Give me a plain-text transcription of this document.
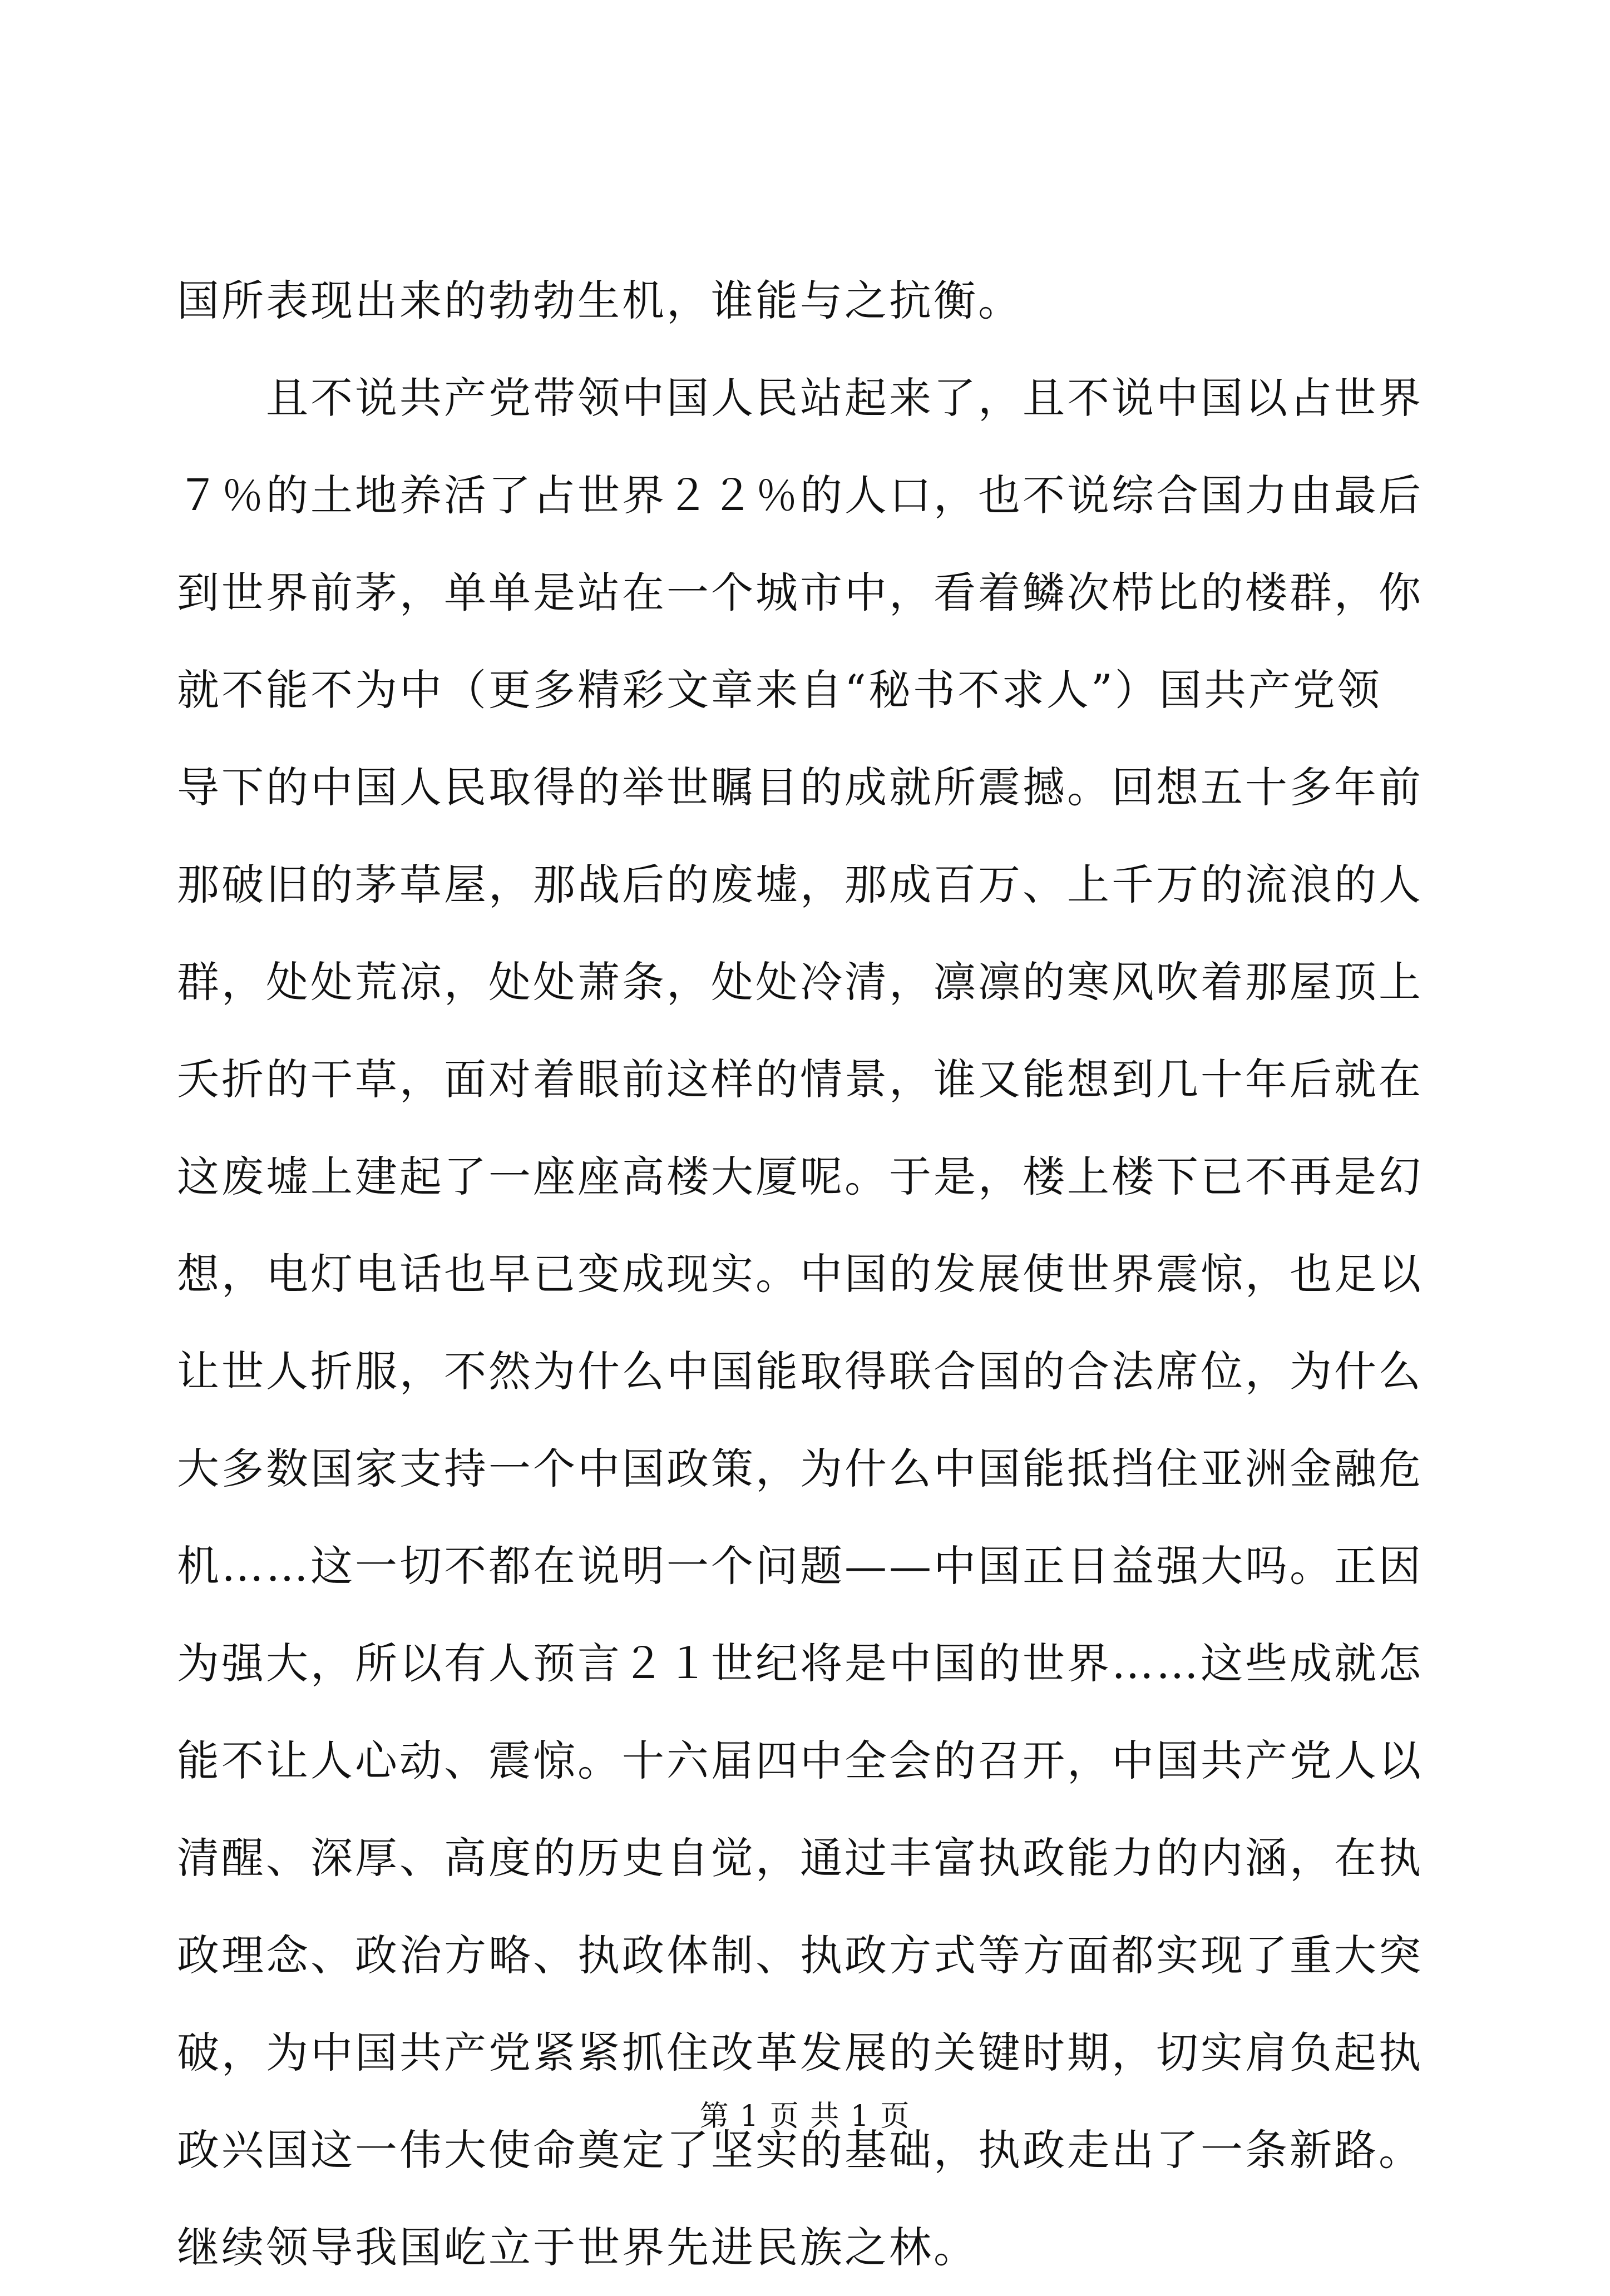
国所表现出来的勃勃生机，谁能与之抗衡。
　　且不说共产党带领中国人民站起来了，且不说中国以占世界
７％的土地养活了占世界２２％的人口，也不说综合国力由最后
到世界前茅，单单是站在一个城市中，看着鳞次栉比的楼群，你
就不能不为中（更多精彩文章来自“秘书不求人”）国共产党领
导下的中国人民取得的举世瞩目的成就所震撼。回想五十多年前
那破旧的茅草屋，那战后的废墟，那成百万、上千万的流浪的人
群，处处荒凉，处处萧条，处处冷清，凛凛的寒风吹着那屋顶上
夭折的干草，面对着眼前这样的情景，谁又能想到几十年后就在
这废墟上建起了一座座高楼大厦呢。于是，楼上楼下已不再是幻
想，电灯电话也早已变成现实。中国的发展使世界震惊，也足以
让世人折服，不然为什么中国能取得联合国的合法席位，为什么
大多数国家支持一个中国政策，为什么中国能抵挡住亚洲金融危
机……这一切不都在说明一个问题——中国正日益强大吗。正因
为强大，所以有人预言２１世纪将是中国的世界……这些成就怎
能不让人心动、震惊。十六届四中全会的召开，中国共产党人以
清醒、深厚、高度的历史自觉，通过丰富执政能力的内涵，在执
政理念、政治方略、执政体制、执政方式等方面都实现了重大突
破，为中国共产党紧紧抓住改革发展的关键时期，切实肩负起执
政兴国这一伟大使命奠定了坚实的基础，执政走出了一条新路。
继续领导我国屹立于世界先进民族之林。
第 1 页 共 1 页
